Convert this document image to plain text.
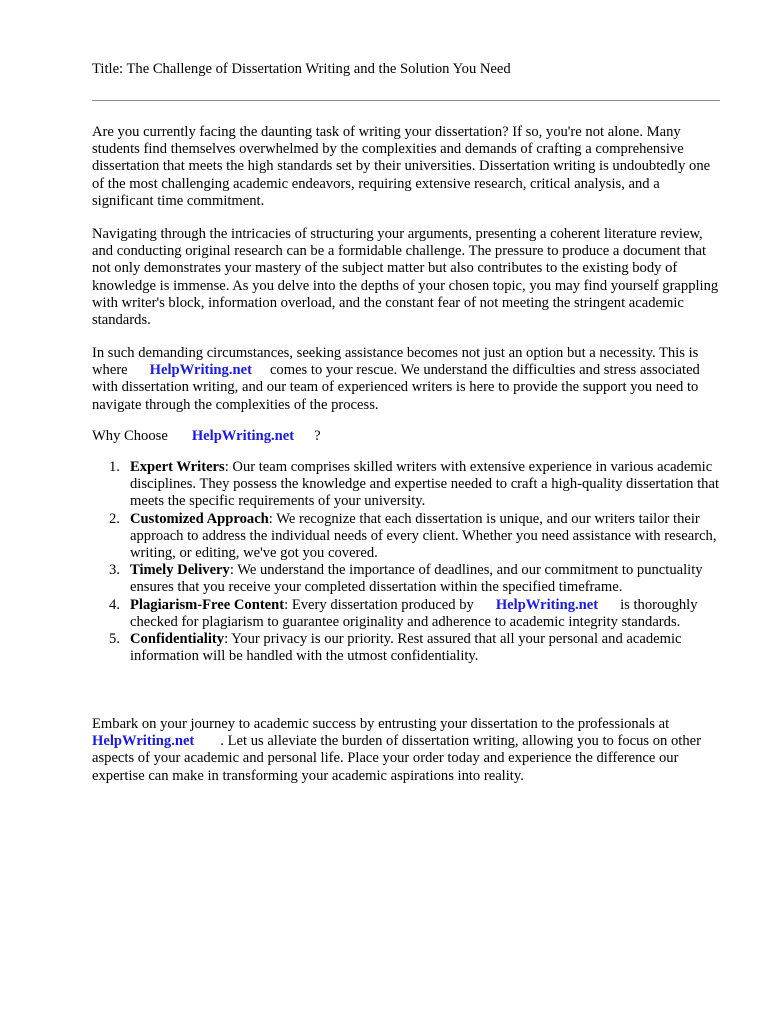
Title: The Challenge of Dissertation Writing and the Solution You Need

Are you currently facing the daunting task of writing your dissertation? If so, you're not alone. Many students find themselves overwhelmed by the complexities and demands of crafting a comprehensive dissertation that meets the high standards set by their universities. Dissertation writing is undoubtedly one of the most challenging academic endeavors, requiring extensive research, critical analysis, and a significant time commitment.

Navigating through the intricacies of structuring your arguments, presenting a coherent literature review, and conducting original research can be a formidable challenge. The pressure to produce a document that not only demonstrates your mastery of the subject matter but also contributes to the existing body of knowledge is immense. As you delve into the depths of your chosen topic, you may find yourself grappling with writer's block, information overload, and the constant fear of not meeting the stringent academic standards.

In such demanding circumstances, seeking assistance becomes not just an option but a necessity. This is where HelpWriting.net comes to your rescue. We understand the difficulties and stress associated with dissertation writing, and our team of experienced writers is here to provide the support you need to navigate through the complexities of the process.

Why Choose HelpWriting.net ?

1. Expert Writers: Our team comprises skilled writers with extensive experience in various academic disciplines. They possess the knowledge and expertise needed to craft a high-quality dissertation that meets the specific requirements of your university.
2. Customized Approach: We recognize that each dissertation is unique, and our writers tailor their approach to address the individual needs of every client. Whether you need assistance with research, writing, or editing, we've got you covered.
3. Timely Delivery: We understand the importance of deadlines, and our commitment to punctuality ensures that you receive your completed dissertation within the specified timeframe.
4. Plagiarism-Free Content: Every dissertation produced by HelpWriting.net is thoroughly checked for plagiarism to guarantee originality and adherence to academic integrity standards.
5. Confidentiality: Your privacy is our priority. Rest assured that all your personal and academic information will be handled with the utmost confidentiality.

Embark on your journey to academic success by entrusting your dissertation to the professionals atHelpWriting.net . Let us alleviate the burden of dissertation writing, allowing you to focus on other aspects of your academic and personal life. Place your order today and experience the difference our expertise can make in transforming your academic aspirations into reality.
